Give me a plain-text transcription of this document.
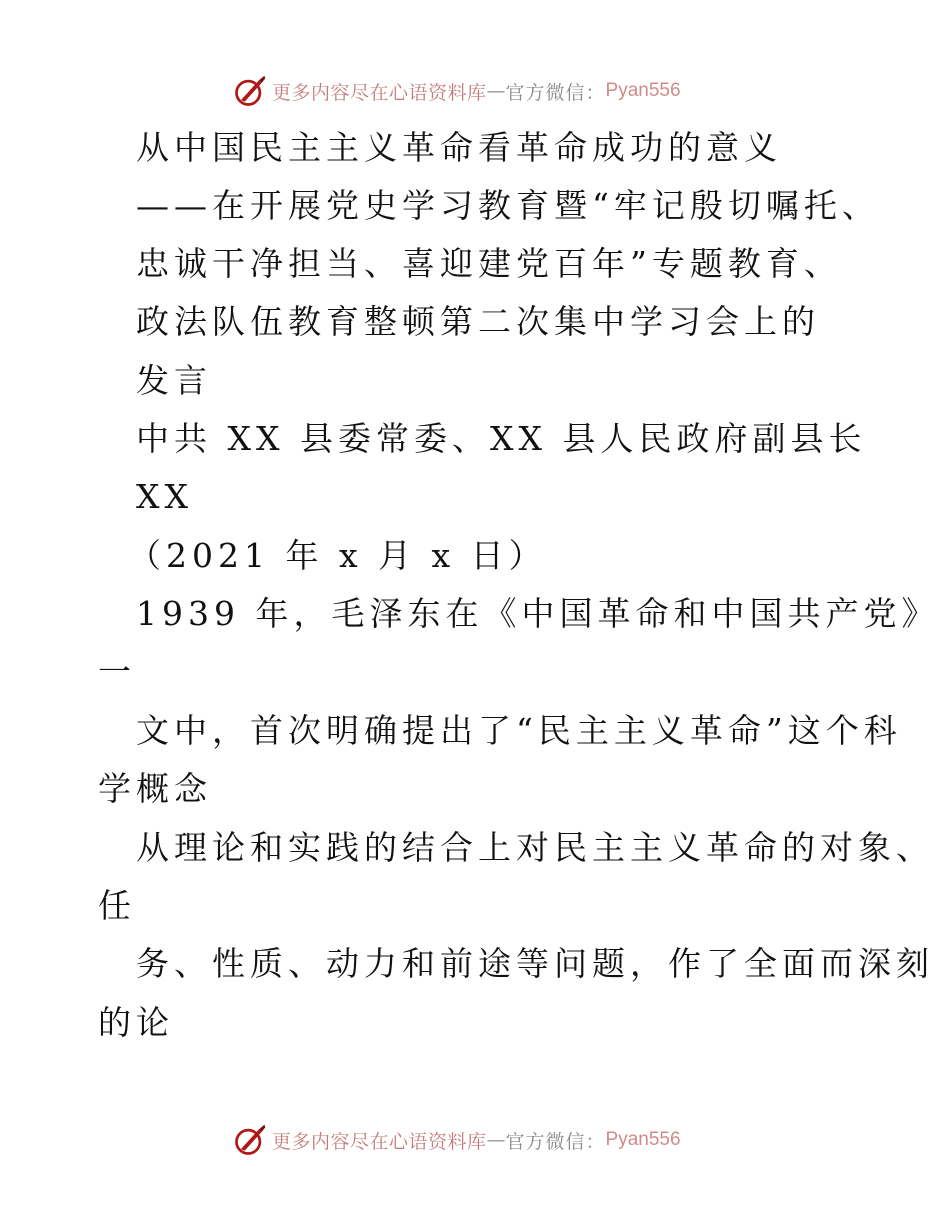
更多内容尽在心语资料库 — 官方微信： Pyan556
从中国民主主义革命看革命成功的意义
——在开展党史学习教育暨“牢记殷切嘱托、
忠诚干净担当、喜迎建党百年”专题教育、
政法队伍教育整顿第二次集中学习会上的
发言
中共 XX 县委常委、XX 县人民政府副县长
XX
（2021 年 x 月 x 日）
1939 年，毛泽东在《中国革命和中国共产党》
一
文中，首次明确提出了“民主主义革命”这个科
学概念
从理论和实践的结合上对民主主义革命的对象、
任
务、性质、动力和前途等问题，作了全面而深刻
的论
更多内容尽在心语资料库 — 官方微信： Pyan556
